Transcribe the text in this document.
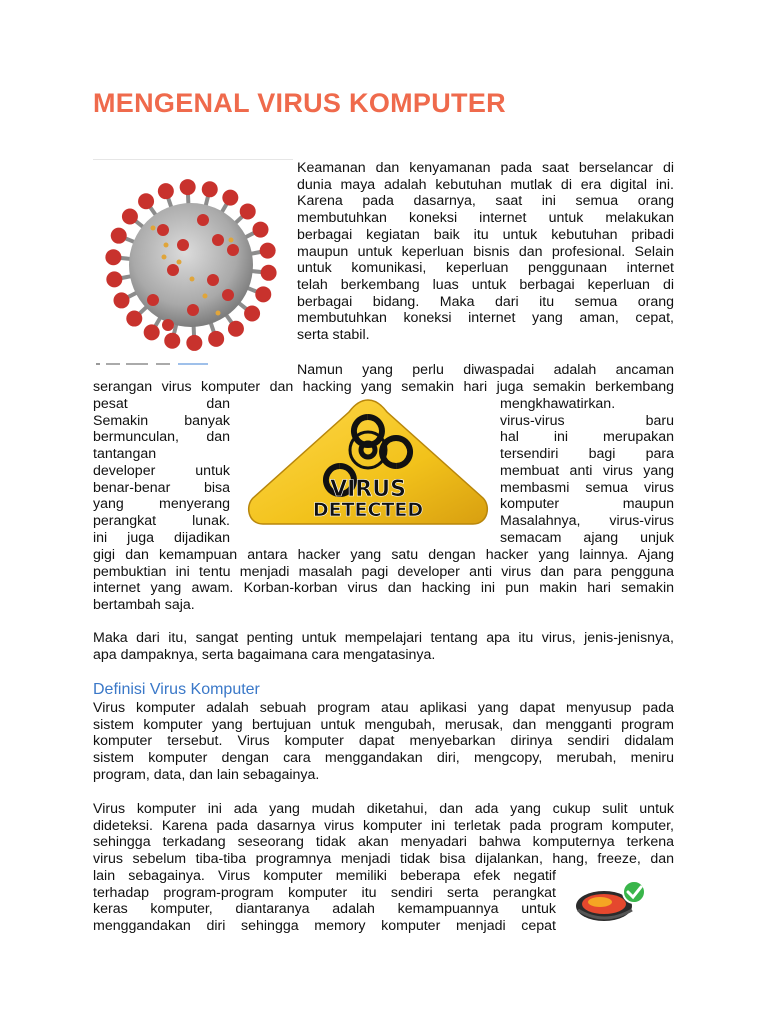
MENGENAL VIRUS KOMPUTER
Keamanan dan kenyamanan pada saat berselancar di
dunia maya adalah kebutuhan mutlak di era digital ini.
Karena pada dasarnya, saat ini semua orang
membutuhkan koneksi internet untuk melakukan
berbagai kegiatan baik itu untuk kebutuhan pribadi
maupun untuk keperluan bisnis dan profesional. Selain
untuk komunikasi, keperluan penggunaan internet
telah berkembang luas untuk berbagai keperluan di
berbagai bidang. Maka dari itu semua orang
membutuhkan koneksi internet yang aman, cepat,
serta stabil.
Namun yang perlu diwaspadai adalah ancaman
serangan virus komputer dan hacking yang semakin hari juga semakin berkembang
pesat dan
Semakin banyak
bermunculan, dan
tantangan
developer untuk
benar-benar bisa
yang menyerang
perangkat lunak.
ini juga dijadikan
mengkhawatirkan.
virus-virus baru
hal ini merupakan
tersendiri bagi para
membuat anti virus yang
membasmi semua virus
komputer maupun
Masalahnya, virus-virus
semacam ajang unjuk
VIRUS
DETECTED
gigi dan kemampuan antara hacker yang satu dengan hacker yang lainnya. Ajang
pembuktian ini tentu menjadi masalah pagi developer anti virus dan para pengguna
internet yang awam. Korban-korban virus dan hacking ini pun makin hari semakin
bertambah saja.
Maka dari itu, sangat penting untuk mempelajari tentang apa itu virus, jenis-jenisnya,
apa dampaknya, serta bagaimana cara mengatasinya.
Definisi Virus Komputer
Virus komputer adalah sebuah program atau aplikasi yang dapat menyusup pada
sistem komputer yang bertujuan untuk mengubah, merusak, dan mengganti program
komputer tersebut. Virus komputer dapat menyebarkan dirinya sendiri didalam
sistem komputer dengan cara menggandakan diri, mengcopy, merubah, meniru
program, data, dan lain sebagainya.
Virus komputer ini ada yang mudah diketahui, dan ada yang cukup sulit untuk
dideteksi. Karena pada dasarnya virus komputer ini terletak pada program komputer,
sehingga terkadang seseorang tidak akan menyadari bahwa komputernya terkena
virus sebelum tiba-tiba programnya menjadi tidak bisa dijalankan, hang, freeze, dan
lain sebagainya. Virus komputer memiliki beberapa efek negatif
terhadap program-program komputer itu sendiri serta perangkat
keras komputer, diantaranya adalah kemampuannya untuk
menggandakan diri sehingga memory komputer menjadi cepat
